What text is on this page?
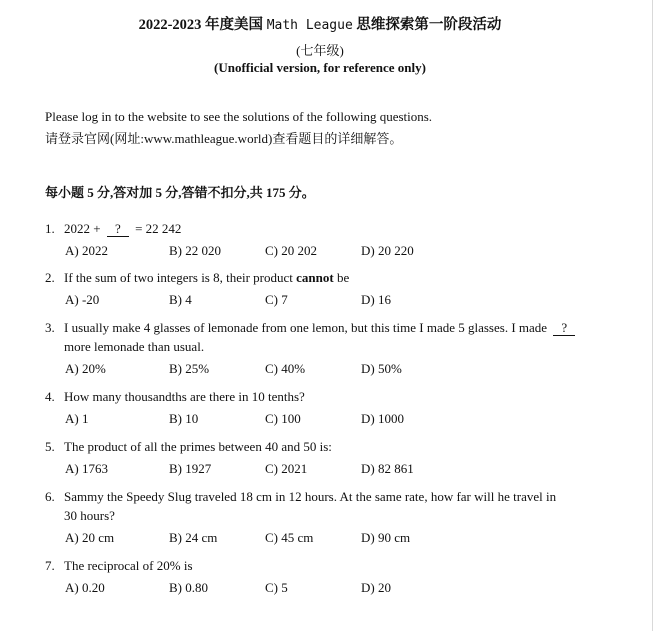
2022-2023 年度美国 Math League 思维探索第一阶段活动
(七年级)
(Unofficial version, for reference only)
Please log in to the website to see the solutions of the following questions.
请登录官网(网址:www.mathleague.world)查看题目的详细解答。
每小题 5 分,答对加 5 分,答错不扣分,共 175 分。
1. 2022 + ? = 22 242
A) 2022	B) 22 020	C) 20 202	D) 20 220
2. If the sum of two integers is 8, their product cannot be
A) -20	B) 4	C) 7	D) 16
3. I usually make 4 glasses of lemonade from one lemon, but this time I made 5 glasses. I made ?
more lemonade than usual.
A) 20%	B) 25%	C) 40%	D) 50%
4. How many thousandths are there in 10 tenths?
A) 1	B) 10	C) 100	D) 1000
5. The product of all the primes between 40 and 50 is:
A) 1763	B) 1927	C) 2021	D) 82 861
6. Sammy the Speedy Slug traveled 18 cm in 12 hours. At the same rate, how far will he travel in
30 hours?
A) 20 cm	B) 24 cm	C) 45 cm	D) 90 cm
7. The reciprocal of 20% is
A) 0.20	B) 0.80	C) 5	D) 20
